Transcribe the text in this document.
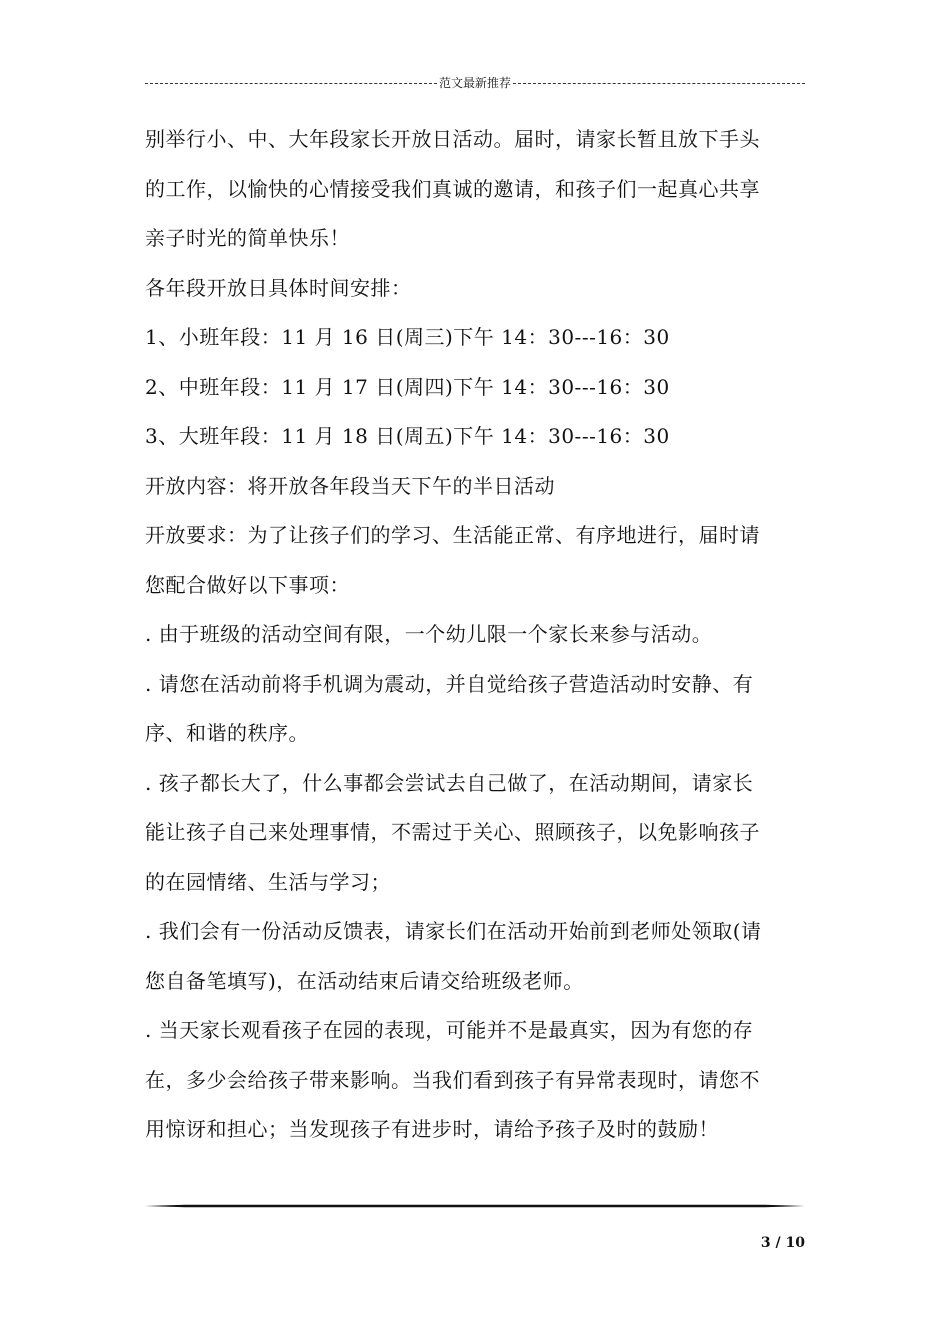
范文最新推荐
别举行小、中、大年段家长开放日活动。届时，请家长暂且放下手头
的工作，以愉快的心情接受我们真诚的邀请，和孩子们一起真心共享
亲子时光的简单快乐！
各年段开放日具体时间安排：
1、小班年段：11 月 16 日(周三)下午 14：30---16：30
2、中班年段：11 月 17 日(周四)下午 14：30---16：30
3、大班年段：11 月 18 日(周五)下午 14：30---16：30
开放内容：将开放各年段当天下午的半日活动
开放要求：为了让孩子们的学习、生活能正常、有序地进行，届时请
您配合做好以下事项：
. 由于班级的活动空间有限，一个幼儿限一个家长来参与活动。
. 请您在活动前将手机调为震动，并自觉给孩子营造活动时安静、有
序、和谐的秩序。
. 孩子都长大了，什么事都会尝试去自己做了，在活动期间，请家长
能让孩子自己来处理事情，不需过于关心、照顾孩子，以免影响孩子
的在园情绪、生活与学习；
. 我们会有一份活动反馈表，请家长们在活动开始前到老师处领取(请
您自备笔填写)，在活动结束后请交给班级老师。
. 当天家长观看孩子在园的表现，可能并不是最真实，因为有您的存
在，多少会给孩子带来影响。当我们看到孩子有异常表现时，请您不
用惊讶和担心；当发现孩子有进步时，请给予孩子及时的鼓励！
3 / 10
